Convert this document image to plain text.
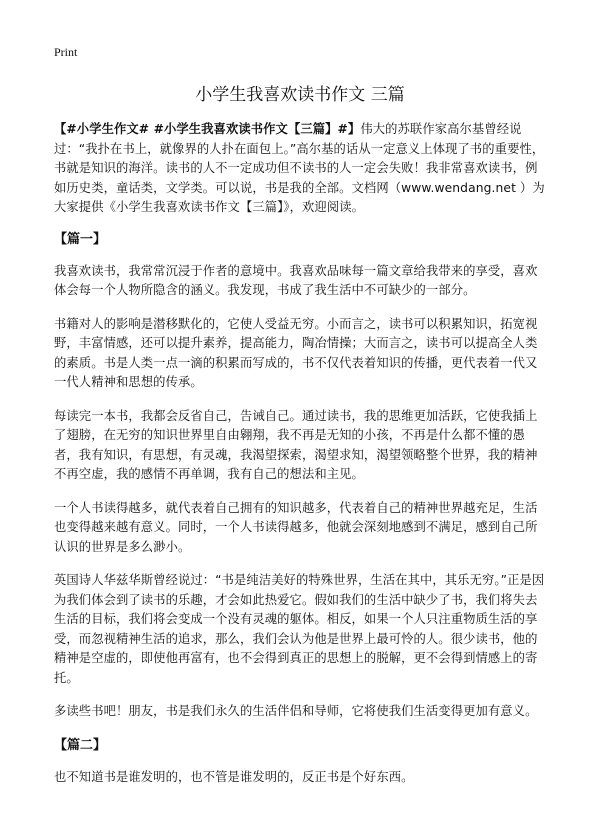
Print
小学生我喜欢读书作文 三篇

【#小学生作文# #小学生我喜欢读书作文【三篇】#】伟大的苏联作家高尔基曾经说过：“我扑在书上，就像界的人扑在面包上。”高尔基的话从一定意义上体现了书的重要性，书就是知识的海洋。读书的人不一定成功但不读书的人一定会失败！我非常喜欢读书，例如历史类，童话类，文学类。可以说，书是我的全部。文档网（www.wendang.net ）为大家提供《小学生我喜欢读书作文【三篇】》，欢迎阅读。

【篇一】

我喜欢读书，我常常沉浸于作者的意境中。我喜欢品味每一篇文章给我带来的享受，喜欢体会每一个人物所隐含的涵义。我发现，书成了我生活中不可缺少的一部分。

书籍对人的影响是潜移默化的，它使人受益无穷。小而言之，读书可以积累知识，拓宽视野，丰富情感，还可以提升素养，提高能力，陶冶情操；大而言之，读书可以提高全人类的素质。书是人类一点一滴的积累而写成的，书不仅代表着知识的传播，更代表着一代又一代人精神和思想的传承。

每读完一本书，我都会反省自己，告诫自己。通过读书，我的思维更加活跃，它使我插上了翅膀，在无穷的知识世界里自由翱翔，我不再是无知的小孩，不再是什么都不懂的愚者，我有知识，有思想，有灵魂，我渴望探索，渴望求知，渴望领略整个世界，我的精神不再空虚，我的感情不再单调，我有自己的想法和主见。

一个人书读得越多，就代表着自己拥有的知识越多，代表着自己的精神世界越充足，生活也变得越来越有意义。同时，一个人书读得越多，他就会深刻地感到不满足，感到自己所认识的世界是多么渺小。

英国诗人华兹华斯曾经说过：“书是纯洁美好的特殊世界，生活在其中，其乐无穷。”正是因为我们体会到了读书的乐趣，才会如此热爱它。假如我们的生活中缺少了书，我们将失去生活的目标，我们将会变成一个没有灵魂的躯体。相反，如果一个人只注重物质生活的享受，而忽视精神生活的追求，那么，我们会认为他是世界上最可怜的人。很少读书，他的精神是空虚的，即使他再富有，也不会得到真正的思想上的脱解，更不会得到情感上的寄托。

多读些书吧！朋友，书是我们永久的生活伴侣和导师，它将使我们生活变得更加有意义。

【篇二】

也不知道书是谁发明的，也不管是谁发明的，反正书是个好东西。
